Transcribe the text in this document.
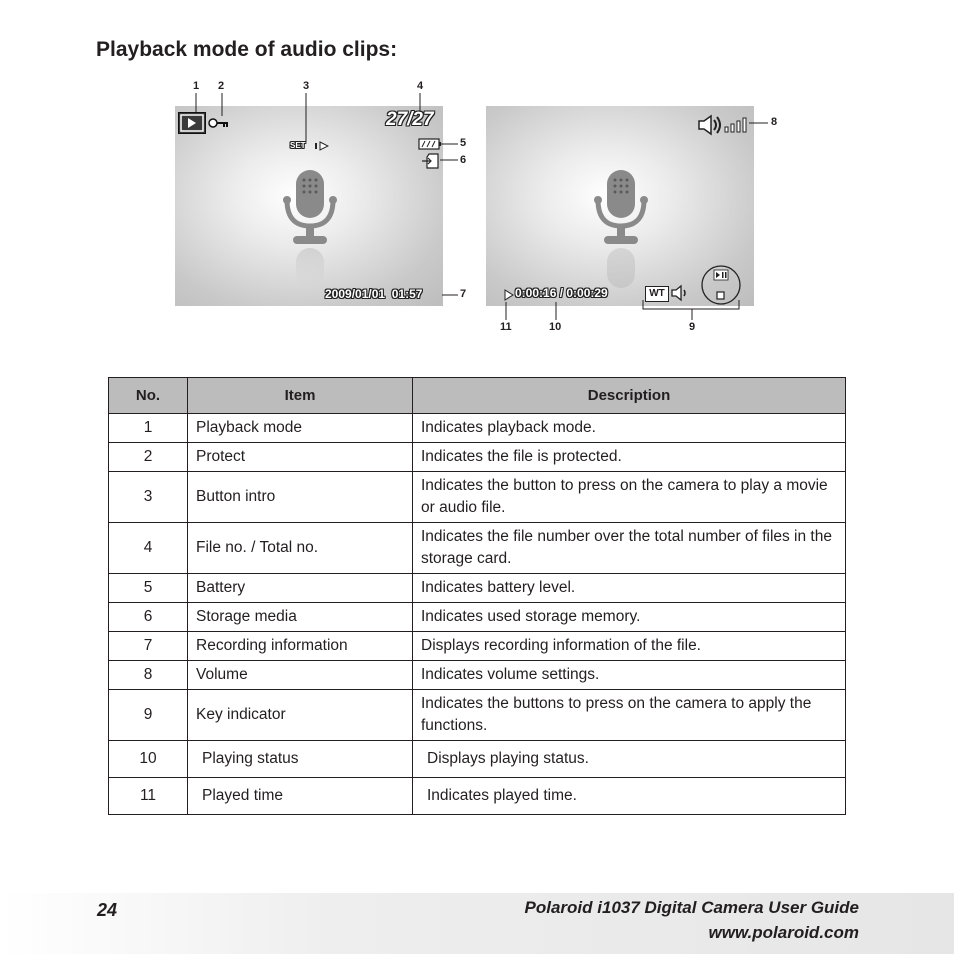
Playback mode of audio clips:
SET
27/27
2009/01/01  01:57	0:00:16 / 0:00:29	WT
1 2	3	4
5
6
7
8
9
10
11
No.	Item	Description
1	Playback mode	Indicates playback mode.
2	Protect	Indicates the file is protected.
3	Button intro	Indicates the button to press on the camera to play a movie or audio file.
4	File no. / Total no.	Indicates the file number over the total number of files in the storage card.
5	Battery	Indicates battery level.
6	Storage media	Indicates used storage memory.
7	Recording information	Displays recording information of the file.
8	Volume	Indicates volume settings.
9	Key indicator	Indicates the buttons to press on the camera to apply the functions.
10	Playing status	Displays playing status.
11	Played time	Indicates played time.
24	Polaroid i1037 Digital Camera User Guide
www.polaroid.com
